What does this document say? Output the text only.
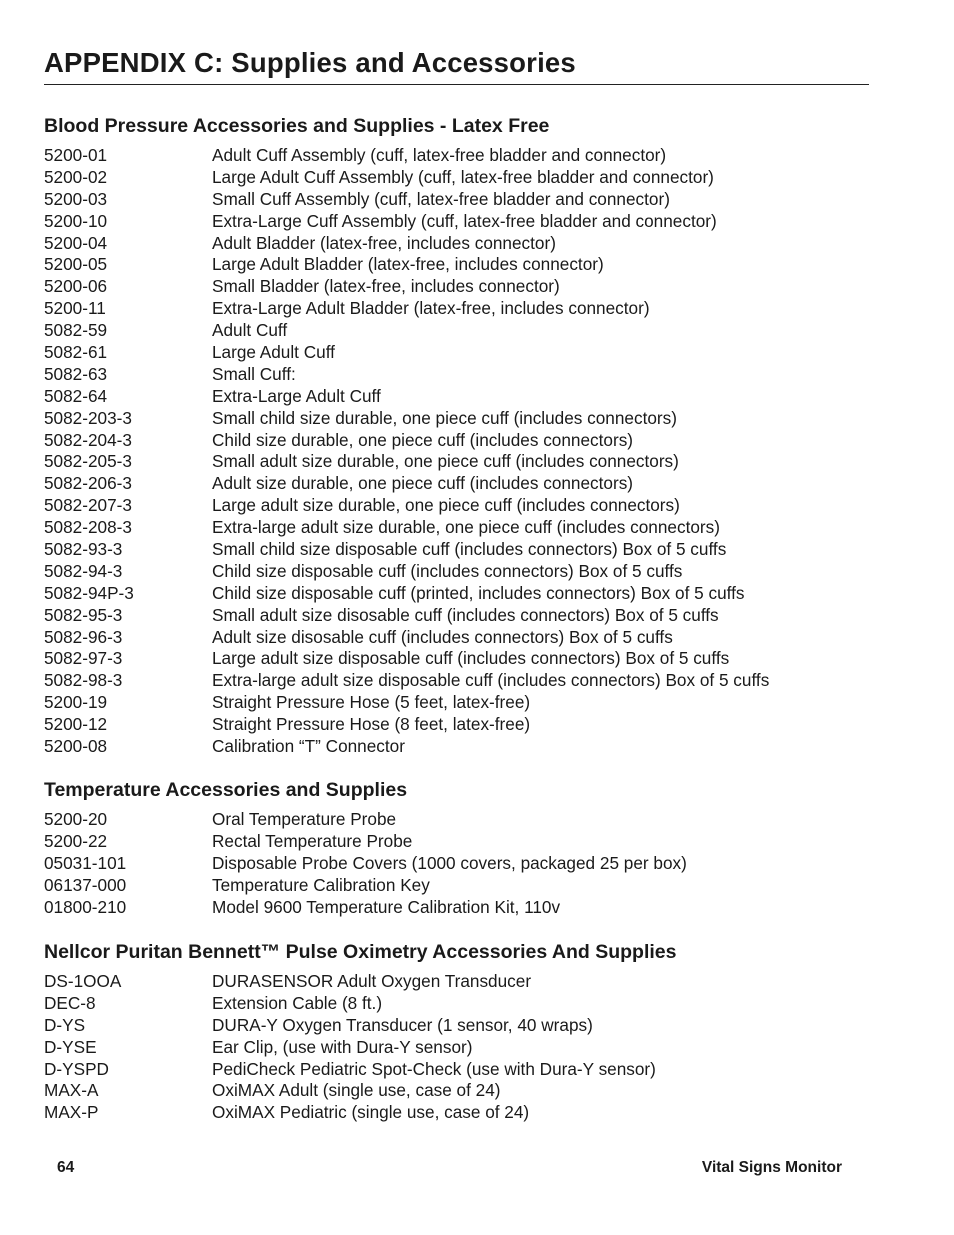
APPENDIX C: Supplies and Accessories
Blood Pressure Accessories and Supplies - Latex Free
5200-01	Adult Cuff Assembly (cuff, latex-free bladder and connector)
5200-02	Large Adult Cuff Assembly (cuff, latex-free bladder and connector)
5200-03	Small Cuff Assembly (cuff, latex-free bladder and connector)
5200-10	Extra-Large Cuff Assembly (cuff, latex-free bladder and connector)
5200-04	Adult Bladder (latex-free, includes connector)
5200-05	Large Adult Bladder (latex-free, includes connector)
5200-06	Small Bladder (latex-free, includes connector)
5200-11	Extra-Large Adult Bladder (latex-free, includes connector)
5082-59	Adult Cuff
5082-61	Large Adult Cuff
5082-63	Small Cuff:
5082-64	Extra-Large Adult Cuff
5082-203-3	Small child size durable, one piece cuff (includes connectors)
5082-204-3	Child size durable, one piece cuff (includes connectors)
5082-205-3	Small adult size durable, one piece cuff (includes connectors)
5082-206-3	Adult size durable, one piece cuff (includes connectors)
5082-207-3	Large adult size durable, one piece cuff (includes connectors)
5082-208-3	Extra-large adult size durable, one piece cuff (includes connectors)
5082-93-3	Small child size disposable cuff (includes connectors) Box of 5 cuffs
5082-94-3	Child size disposable cuff (includes connectors) Box of 5 cuffs
5082-94P-3	Child size disposable cuff (printed, includes connectors) Box of 5 cuffs
5082-95-3	Small adult size disosable cuff (includes connectors) Box of 5 cuffs
5082-96-3	Adult size disosable cuff (includes connectors) Box of 5 cuffs
5082-97-3	Large adult size disposable cuff (includes connectors) Box of 5 cuffs
5082-98-3	Extra-large adult size disposable cuff (includes connectors) Box of 5 cuffs
5200-19	Straight Pressure Hose (5 feet, latex-free)
5200-12	Straight Pressure Hose (8 feet, latex-free)
5200-08	Calibration “T” Connector
Temperature Accessories and Supplies
5200-20	Oral Temperature Probe
5200-22	Rectal Temperature Probe
05031-101	Disposable Probe Covers (1000 covers, packaged 25 per box)
06137-000	Temperature Calibration Key
01800-210	Model 9600 Temperature Calibration Kit, 110v
Nellcor Puritan Bennett™ Pulse Oximetry Accessories And Supplies
DS-1OOA	DURASENSOR Adult Oxygen Transducer
DEC-8	Extension Cable (8 ft.)
D-YS	DURA-Y Oxygen Transducer (1 sensor, 40 wraps)
D-YSE	Ear Clip, (use with Dura-Y sensor)
D-YSPD	PediCheck Pediatric Spot-Check (use with Dura-Y sensor)
MAX-A	OxiMAX Adult (single use, case of 24)
MAX-P	OxiMAX Pediatric (single use, case of 24)
64	Vital Signs Monitor
